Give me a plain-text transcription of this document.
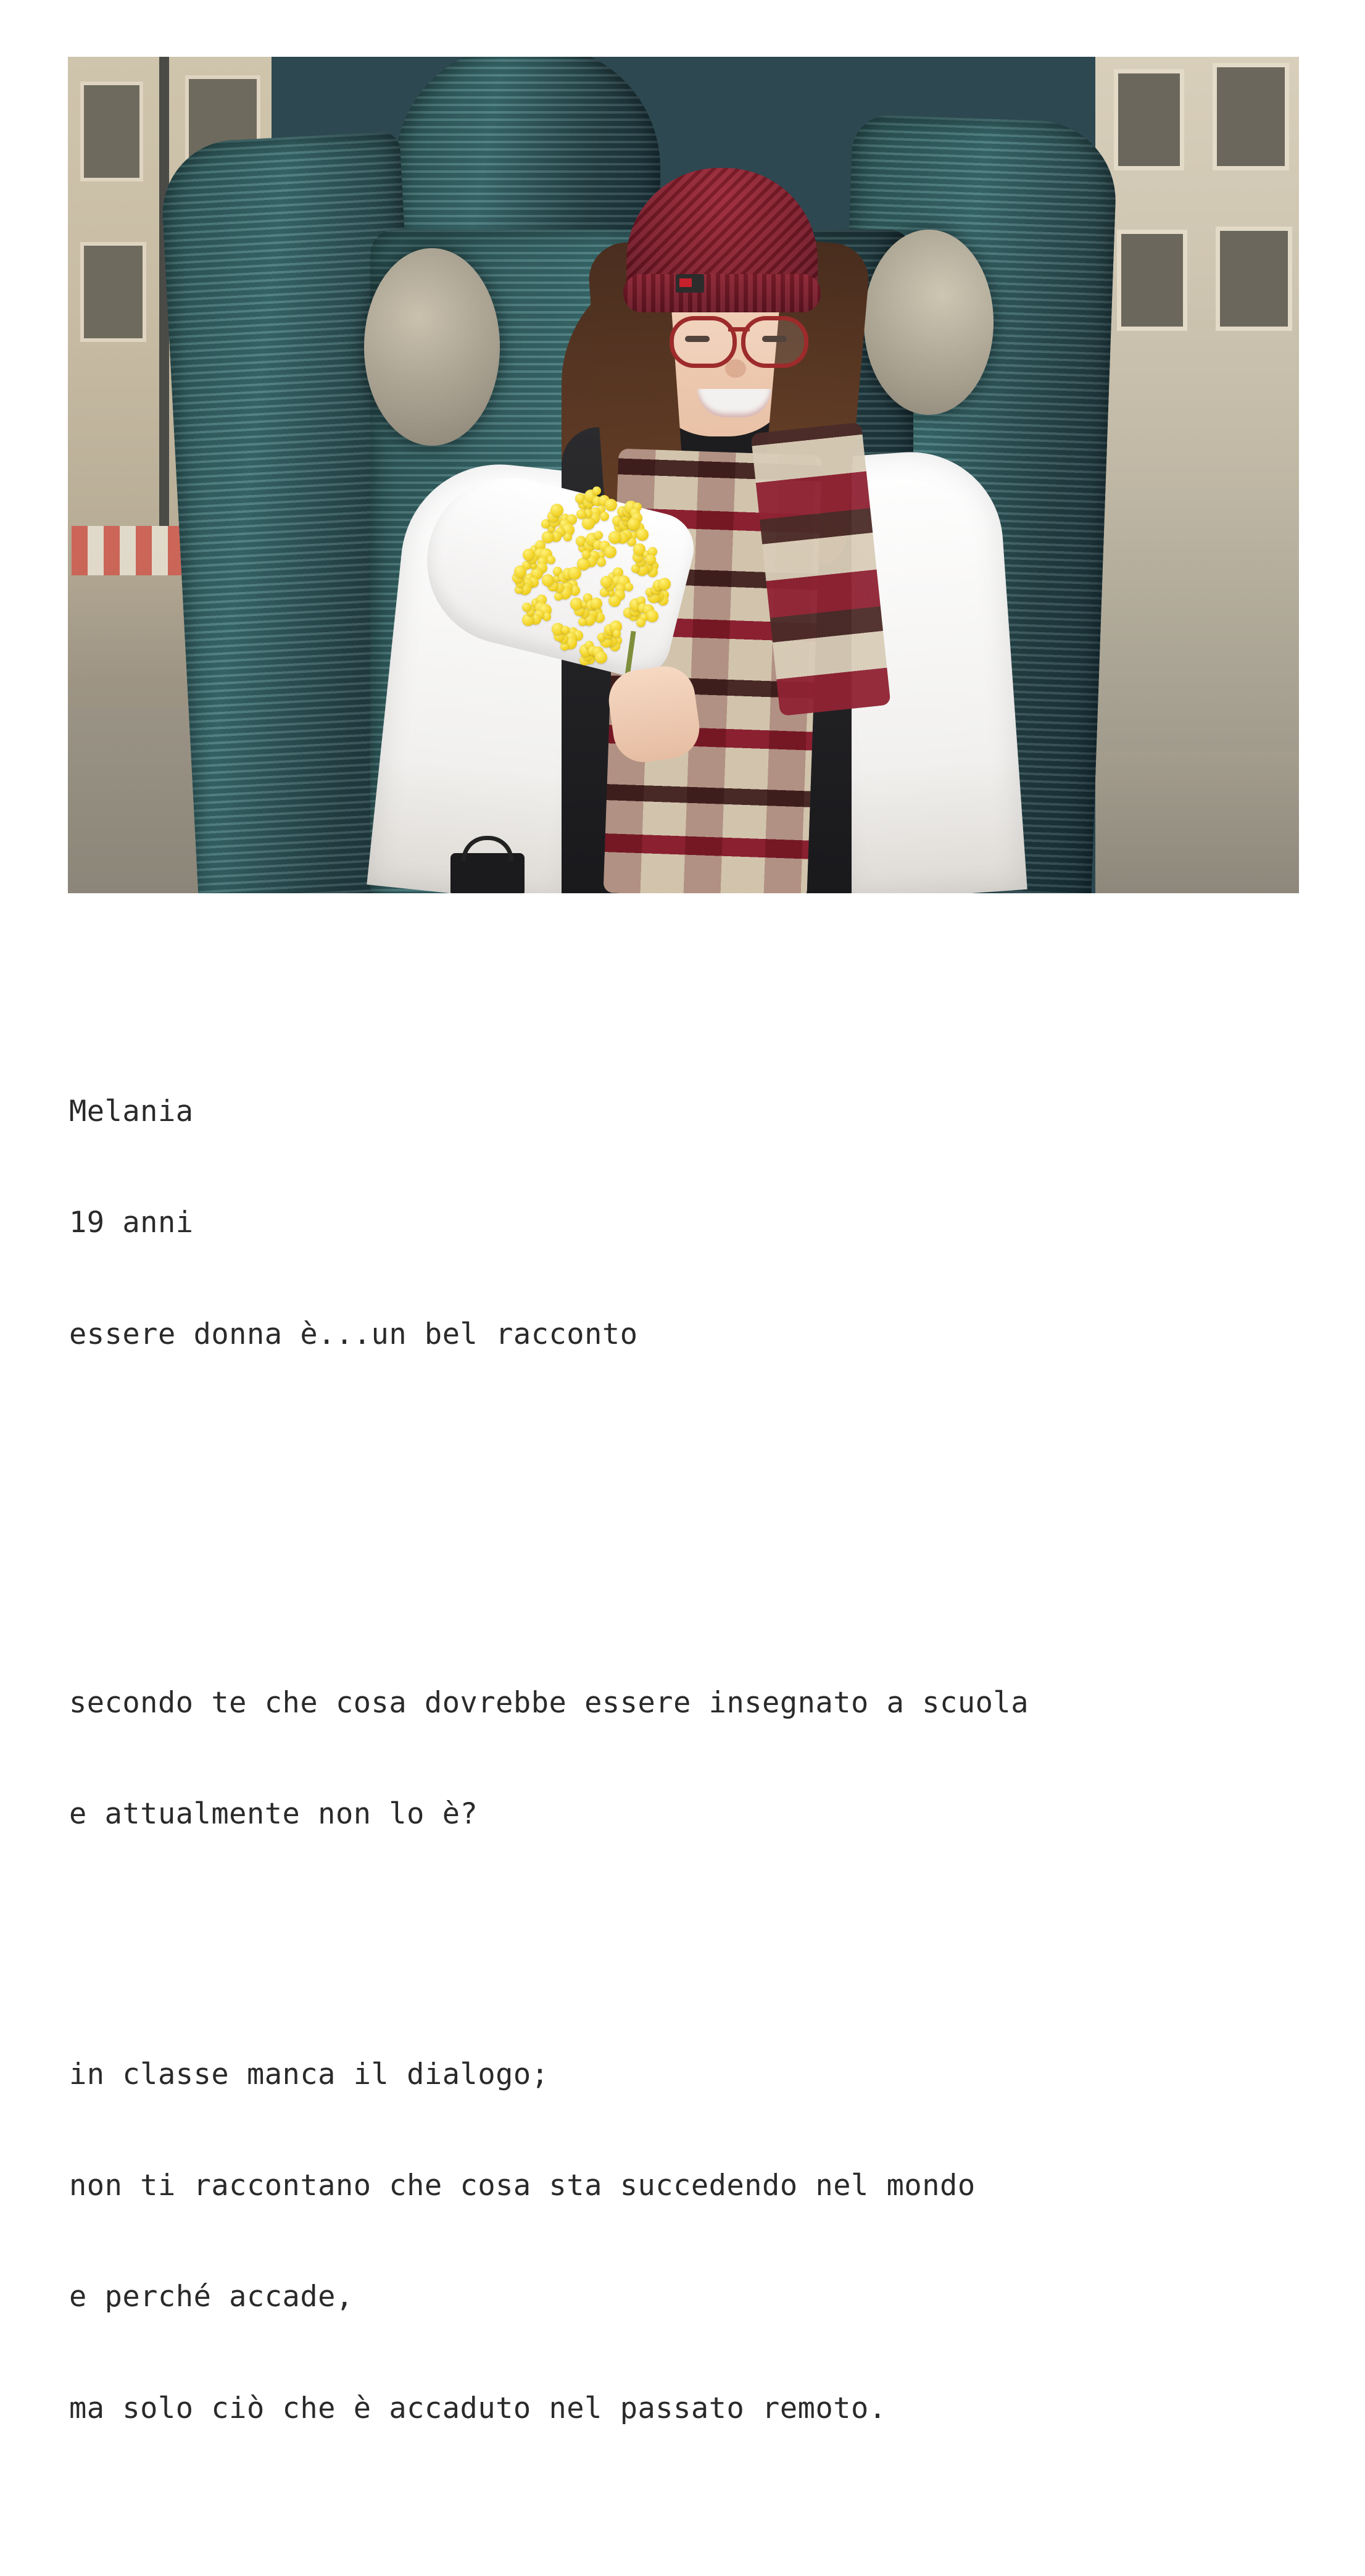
Melania

19 anni

essere donna è...un bel racconto

secondo te che cosa dovrebbe essere insegnato a scuola

e attualmente non lo è?

in classe manca il dialogo;

non ti raccontano che cosa sta succedendo nel mondo

e perché accade,

ma solo ciò che è accaduto nel passato remoto.
